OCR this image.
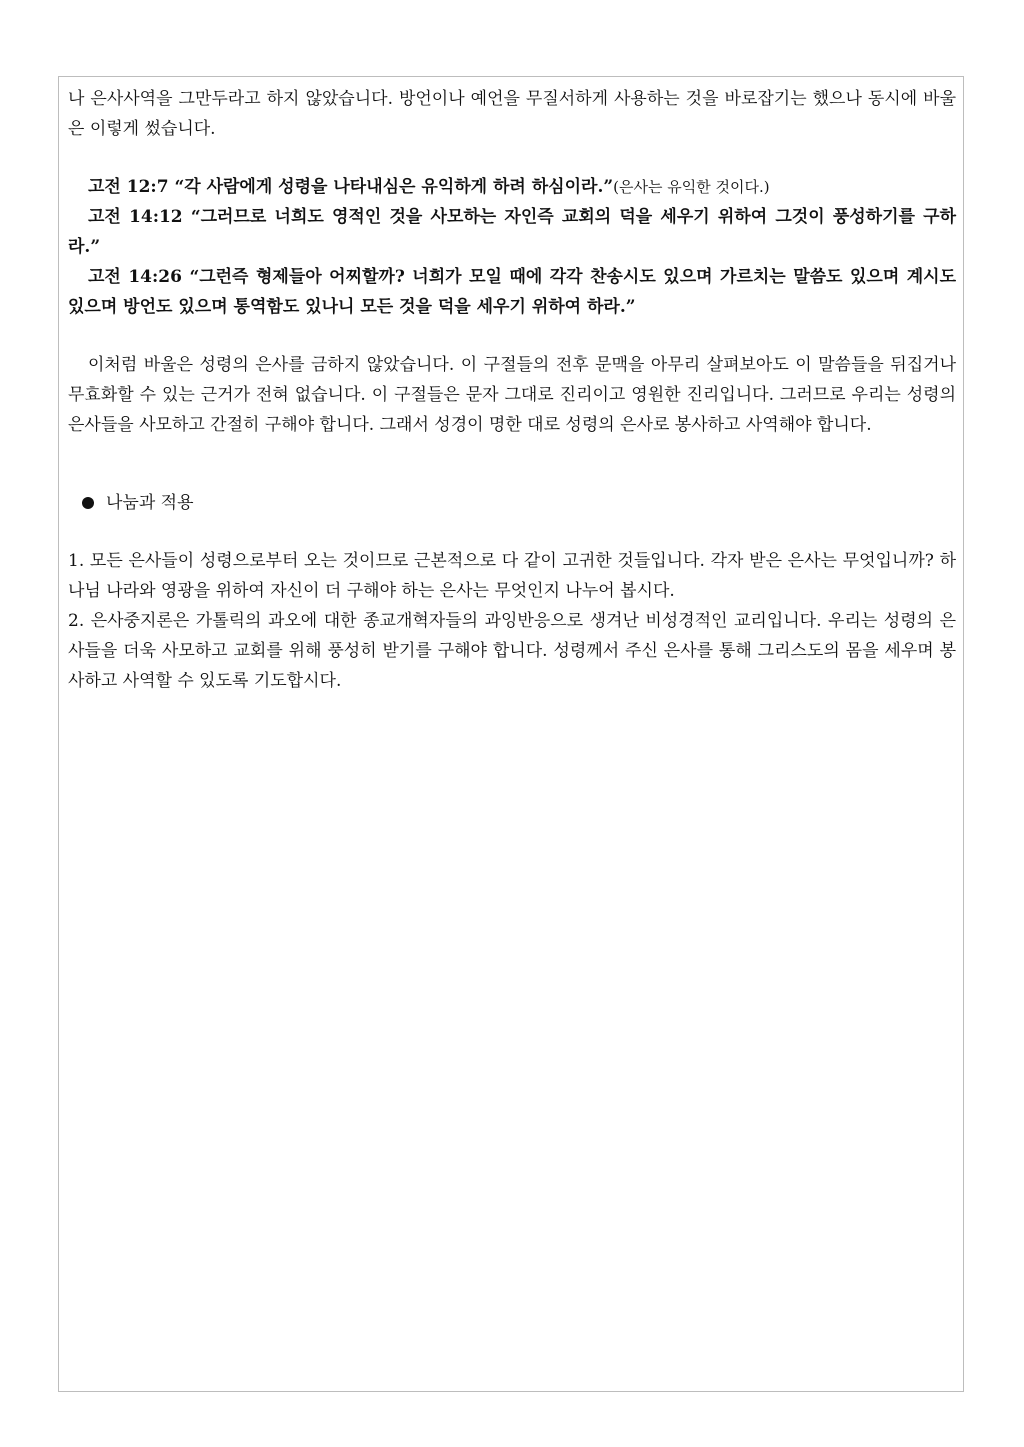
나 은사사역을 그만두라고 하지 않았습니다. 방언이나 예언을 무질서하게 사용하는 것을 바로잡기는 했으나 동시에 바울은 이렇게 썼습니다.

고전 12:7 “각 사람에게 성령을 나타내심은 유익하게 하려 하심이라.”(은사는 유익한 것이다.)

고전 14:12 “그러므로 너희도 영적인 것을 사모하는 자인즉 교회의 덕을 세우기 위하여 그것이 풍성하기를 구하라.”

고전 14:26 “그런즉 형제들아 어찌할까? 너희가 모일 때에 각각 찬송시도 있으며 가르치는 말씀도 있으며 계시도 있으며 방언도 있으며 통역함도 있나니 모든 것을 덕을 세우기 위하여 하라.”

이처럼 바울은 성령의 은사를 금하지 않았습니다. 이 구절들의 전후 문맥을 아무리 살펴보아도 이 말씀들을 뒤집거나 무효화할 수 있는 근거가 전혀 없습니다. 이 구절들은 문자 그대로 진리이고 영원한 진리입니다. 그러므로 우리는 성령의 은사들을 사모하고 간절히 구해야 합니다. 그래서 성경이 명한 대로 성령의 은사로 봉사하고 사역해야 합니다.

나눔과 적용

1. 모든 은사들이 성령으로부터 오는 것이므로 근본적으로 다 같이 고귀한 것들입니다. 각자 받은 은사는 무엇입니까? 하나님 나라와 영광을 위하여 자신이 더 구해야 하는 은사는 무엇인지 나누어 봅시다.

2. 은사중지론은 가톨릭의 과오에 대한 종교개혁자들의 과잉반응으로 생겨난 비성경적인 교리입니다. 우리는 성령의 은사들을 더욱 사모하고 교회를 위해 풍성히 받기를 구해야 합니다. 성령께서 주신 은사를 통해 그리스도의 몸을 세우며 봉사하고 사역할 수 있도록 기도합시다.
